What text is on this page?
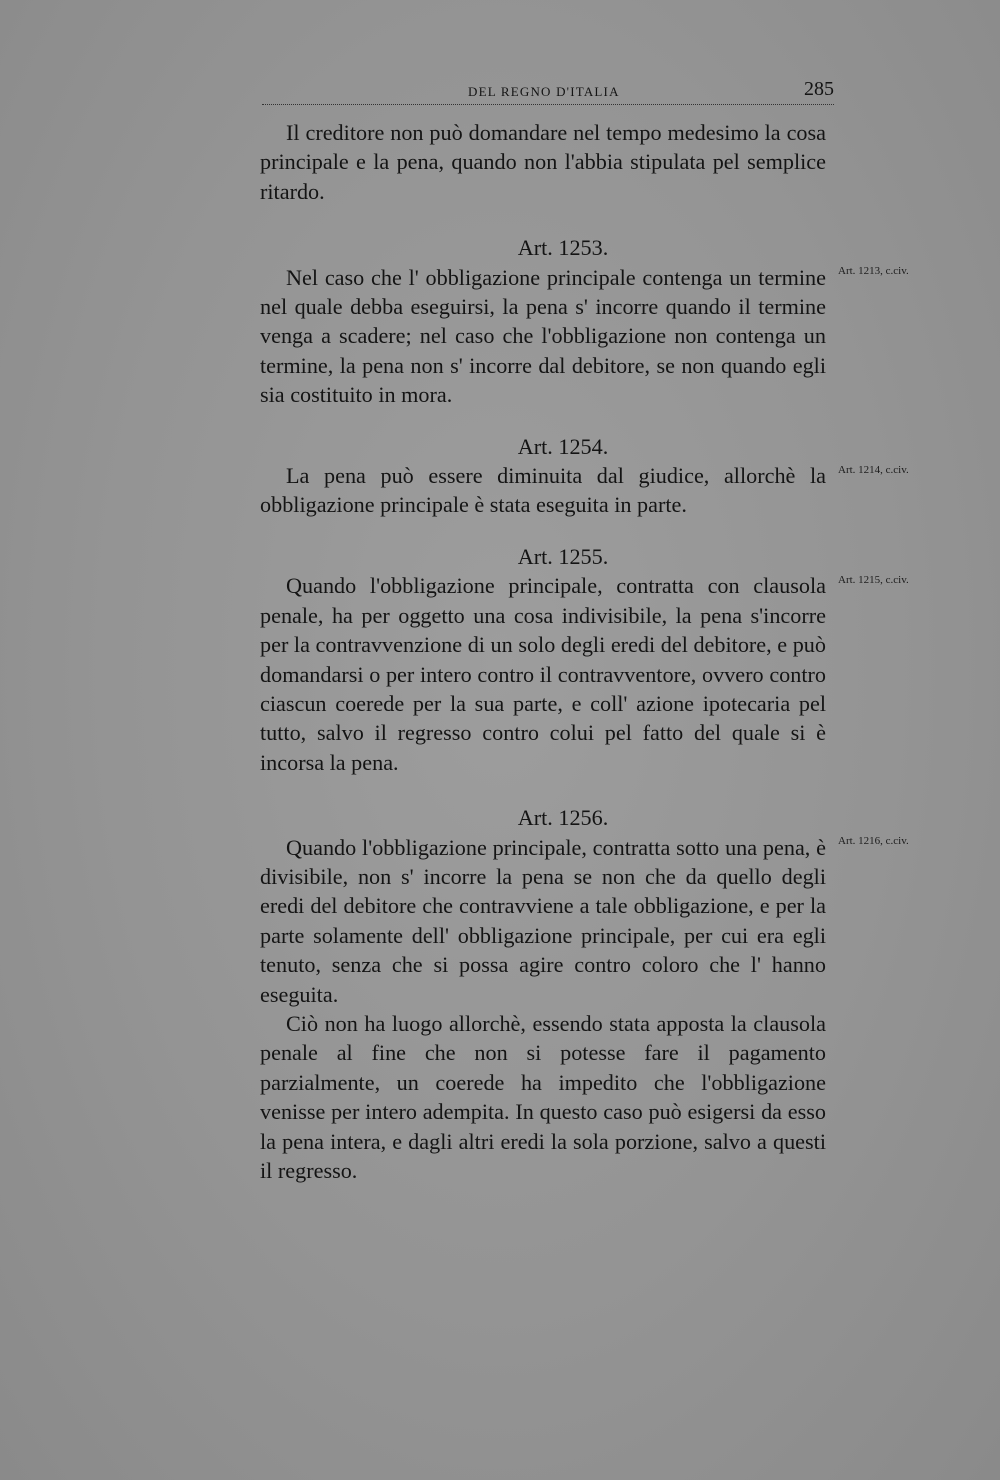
DEL REGNO D'ITALIA	285

Il creditore non può domandare nel tempo medesimo la cosa principale e la pena, quando non l'abbia stipulata pel semplice ritardo.

Art. 1253.

Art. 1213, c.civ.

Nel caso che l' obbligazione principale contenga un termine nel quale debba eseguirsi, la pena s' incorre quando il termine venga a scadere; nel caso che l'obbligazione non contenga un termine, la pena non s' incorre dal debitore, se non quando egli sia costituito in mora.

Art. 1254.

Art. 1214, c.civ.

La pena può essere diminuita dal giudice, allorchè la obbligazione principale è stata eseguita in parte.

Art. 1255.

Art. 1215, c.civ.

Quando l'obbligazione principale, contratta con clausola penale, ha per oggetto una cosa indivisibile, la pena s'incorre per la contravvenzione di un solo degli eredi del debitore, e può domandarsi o per intero contro il contravventore, ovvero contro ciascun coerede per la sua parte, e coll' azione ipotecaria pel tutto, salvo il regresso contro colui pel fatto del quale si è incorsa la pena.

Art. 1256.

Art. 1216, c.civ.

Quando l'obbligazione principale, contratta sotto una pena, è divisibile, non s' incorre la pena se non che da quello degli eredi del debitore che contravviene a tale obbligazione, e per la parte solamente dell' obbligazione principale, per cui era egli tenuto, senza che si possa agire contro coloro che l' hanno eseguita.

Ciò non ha luogo allorchè, essendo stata apposta la clausola penale al fine che non si potesse fare il pagamento parzialmente, un coerede ha impedito che l'obbligazione venisse per intero adempita. In questo caso può esigersi da esso la pena intera, e dagli altri eredi la sola porzione, salvo a questi il regresso.
